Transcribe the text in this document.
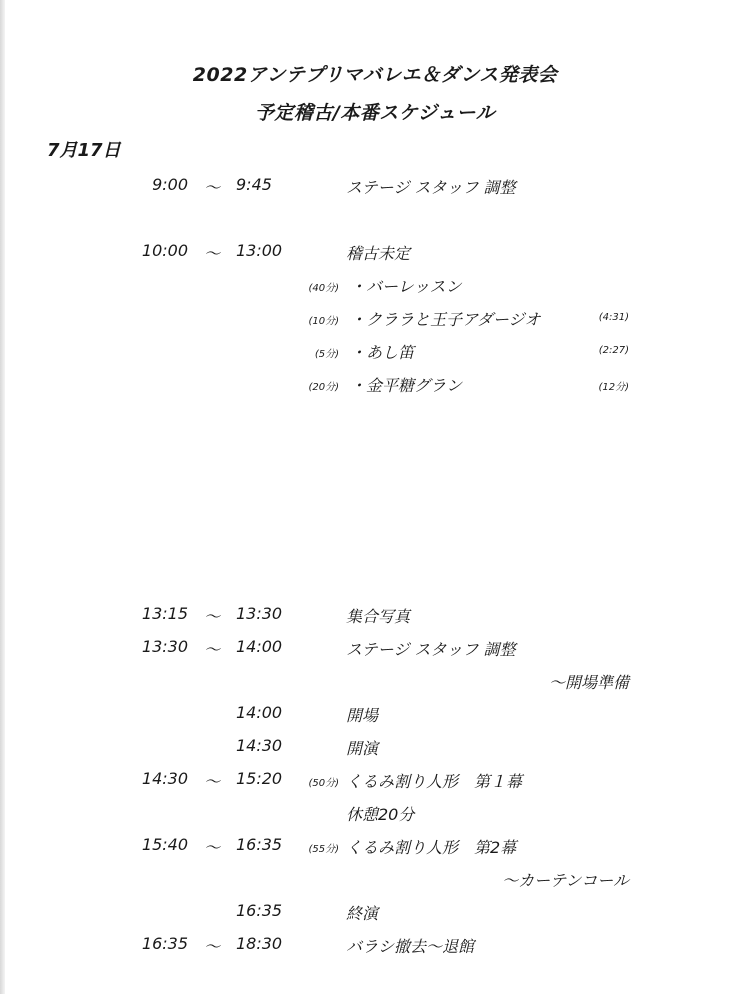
2022アンテプリマバレエ＆ダンス発表会
予定稽古/本番スケジュール
7月17日
9:00 〜 9:45	ステージ スタッフ 調整
10:00 〜 13:00	稽古未定
(40分) ・バーレッスン
(10分) ・クララと王子アダージオ	(4:31)
(5分) ・あし笛	(2:27)
(20分) ・金平糖グラン	(12分)
13:15 〜 13:30	集合写真
13:30 〜 14:00	ステージ スタッフ 調整
〜開場準備
14:00	開場
14:30	開演
14:30 〜 15:20	(50分) くるみ割り人形　第１幕
休憩20分
15:40 〜 16:35	(55分) くるみ割り人形　第2幕
〜カーテンコール
16:35	終演
16:35 〜 18:30	バラシ撤去〜退館
